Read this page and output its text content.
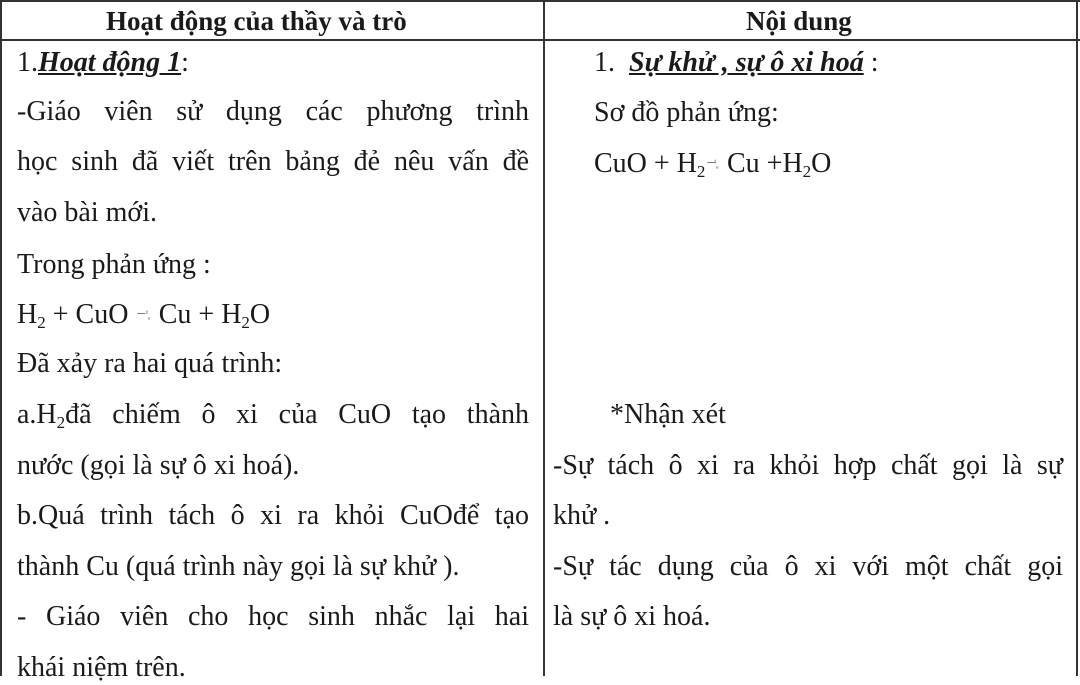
Hoạt động của thầy và trò	Nội dung
1.Hoạt động 1:
-Giáo viên sử dụng các phương trình
học sinh đã viết trên bảng đẻ nêu vấn đề
vào bài mới.
Trong phản ứng :
$H_2$ + CuO $^{─ ᵗ˳}$ $Cu + H_2O$
Đã xảy ra hai quá trình:
$a.H_2đã$ chiếm ô xi của CuO tạo thành
nước (gọi là sự ô xi hoá).
b.Quá trình tách ô xi ra khỏi CuOđể tạo
thành Cu (quá trình này gọi là sự khử ).
- Giáo viên cho học sinh nhắc lại hai
khái niệm trên.
1. Sự khử , sự ô xi hoá :
Sơ đồ phản ứng:
CuO + $H_2$ $^{─ᵗ˳}$ $Cu +H_2O$
*Nhận xét
-Sự tách ô xi ra khỏi hợp chất gọi là sự
khử .
-Sự tác dụng của ô xi với một chất gọi
là sự ô xi hoá.
